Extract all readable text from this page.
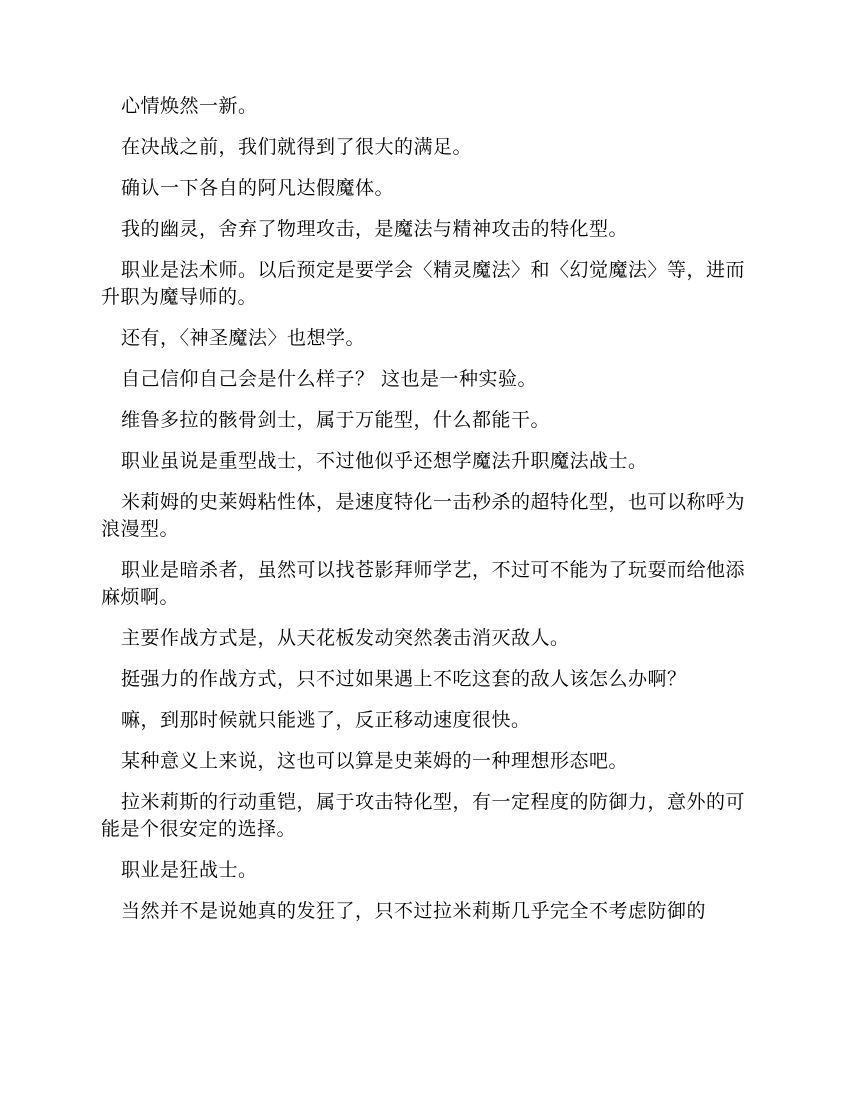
心情焕然一新。

在决战之前，我们就得到了很大的满足。

确认一下各自的阿凡达假魔体。

我的幽灵，舍弃了物理攻击，是魔法与精神攻击的特化型。

职业是法术师。以后预定是要学会〈精灵魔法〉和〈幻觉魔法〉等，进而升职为魔导师的。

还有，〈神圣魔法〉也想学。

自己信仰自己会是什么样子？ 这也是一种实验。

维鲁多拉的骸骨剑士，属于万能型，什么都能干。

职业虽说是重型战士，不过他似乎还想学魔法升职魔法战士。

米莉姆的史莱姆粘性体，是速度特化一击秒杀的超特化型，也可以称呼为浪漫型。

职业是暗杀者，虽然可以找苍影拜师学艺，不过可不能为了玩耍而给他添麻烦啊。

主要作战方式是，从天花板发动突然袭击消灭敌人。

挺强力的作战方式，只不过如果遇上不吃这套的敌人该怎么办啊？

嘛，到那时候就只能逃了，反正移动速度很快。

某种意义上来说，这也可以算是史莱姆的一种理想形态吧。

拉米莉斯的行动重铠，属于攻击特化型，有一定程度的防御力，意外的可能是个很安定的选择。

职业是狂战士。

当然并不是说她真的发狂了，只不过拉米莉斯几乎完全不考虑防御的
